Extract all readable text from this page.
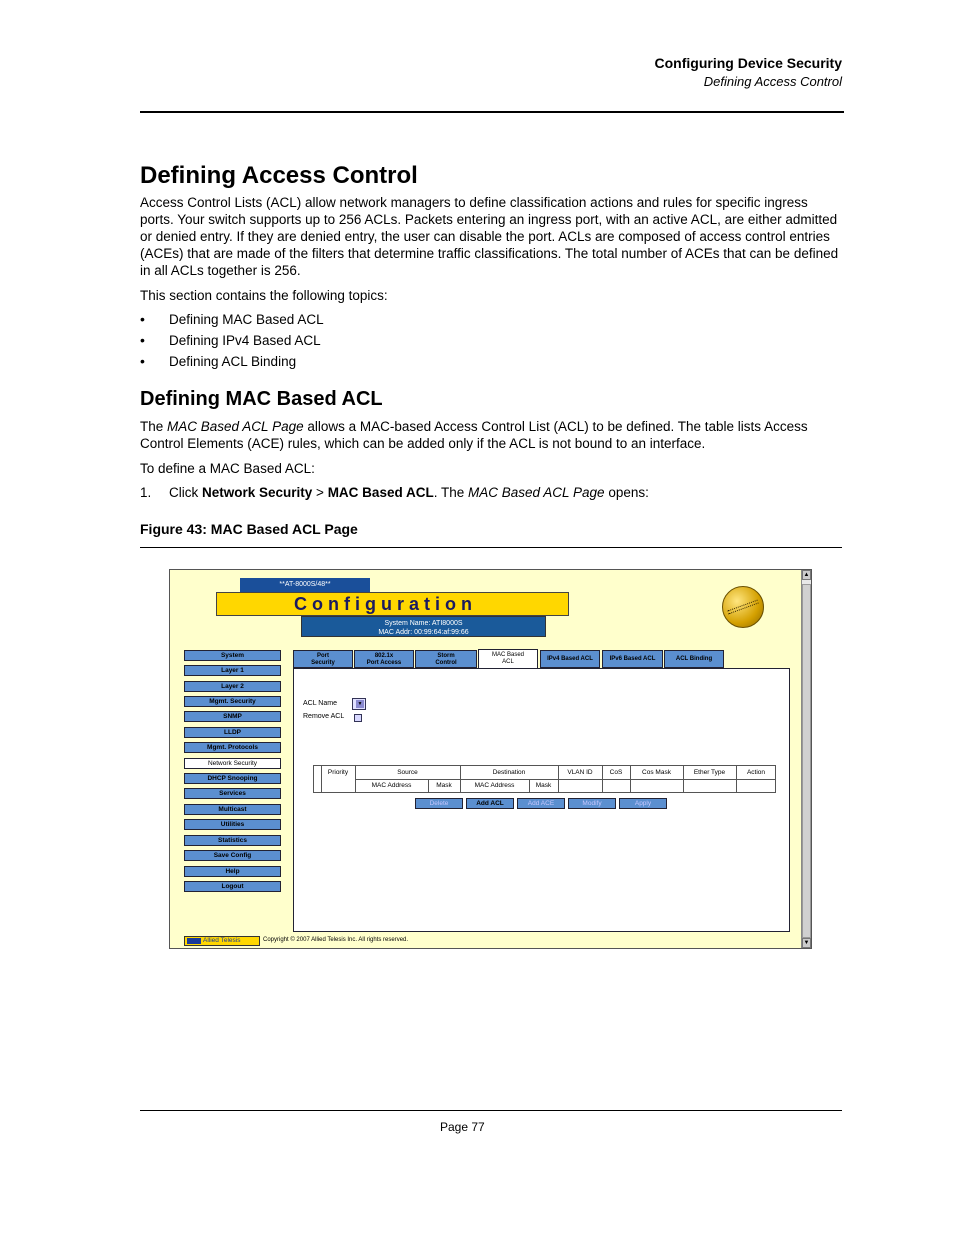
Configuring Device Security
Defining Access Control
Defining Access Control

Access Control Lists (ACL) allow network managers to define classification actions and rules for specific ingress ports. Your switch supports up to 256 ACLs. Packets entering an ingress port, with an active ACL, are either admitted or denied entry. If they are denied entry, the user can disable the port. ACLs are composed of access control entries (ACEs) that are made of the filters that determine traffic classifications. The total number of ACEs that can be defined in all ACLs together is 256.

This section contains the following topics:

• Defining MAC Based ACL
• Defining IPv4 Based ACL
• Defining ACL Binding
Defining MAC Based ACL

The MAC Based ACL Page allows a MAC-based Access Control List (ACL) to be defined. The table lists Access Control Elements (ACE) rules, which can be added only if the ACL is not bound to an interface.

To define a MAC Based ACL:

1. Click Network Security > MAC Based ACL. The MAC Based ACL Page opens:
Figure 43: MAC Based ACL Page
▲
▼
**AT-8000S/48**
Configuration
System Name: ATI8000S
MAC Addr: 00:99:64:af:99:66
System
Layer 1
Layer 2
Mgmt. Security
SNMP
LLDP
Mgmt. Protocols
Network Security
DHCP Snooping
Services
Multicast
Utilities
Statistics
Save Config
Help
Logout
Port
Security
802.1x
Port Access
Storm
Control
MAC Based
ACL	IPv4 Based ACL	IPv6 Based ACL	ACL Binding
ACL Name	▼
Remove ACL
Priority	Source	Destination	VLAN ID	CoS	Cos Mask	Ether Type	Action
MAC Address	Mask	MAC Address	Mask
Delete	Add ACL	Add ACE	Modify	Apply
Allied Telesis	Copyright © 2007 Allied Telesis Inc. All rights reserved.
Page 77
